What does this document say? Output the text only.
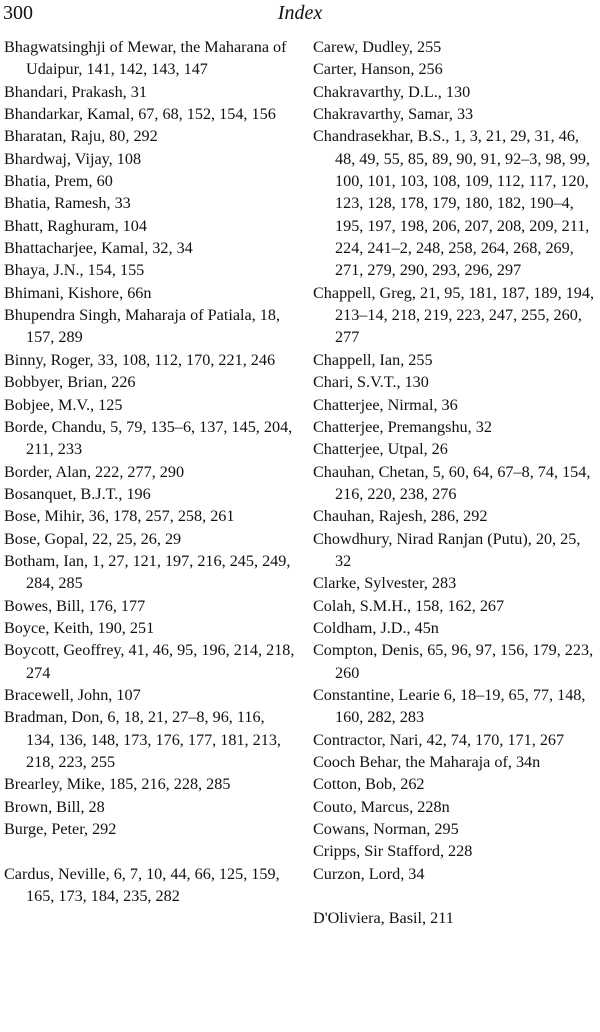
300	Index
Bhagwatsinghji of Mewar, the Maharana of Udaipur, 141, 142, 143, 147
Bhandari, Prakash, 31
Bhandarkar, Kamal, 67, 68, 152, 154, 156
Bharatan, Raju, 80, 292
Bhardwaj, Vijay, 108
Bhatia, Prem, 60
Bhatia, Ramesh, 33
Bhatt, Raghuram, 104
Bhattacharjee, Kamal, 32, 34
Bhaya, J.N., 154, 155
Bhimani, Kishore, 66n
Bhupendra Singh, Maharaja of Patiala, 18, 157, 289
Binny, Roger, 33, 108, 112, 170, 221, 246
Bobbyer, Brian, 226
Bobjee, M.V., 125
Borde, Chandu, 5, 79, 135–6, 137, 145, 204, 211, 233
Border, Alan, 222, 277, 290
Bosanquet, B.J.T., 196
Bose, Mihir, 36, 178, 257, 258, 261
Bose, Gopal, 22, 25, 26, 29
Botham, Ian, 1, 27, 121, 197, 216, 245, 249, 284, 285
Bowes, Bill, 176, 177
Boyce, Keith, 190, 251
Boycott, Geoffrey, 41, 46, 95, 196, 214, 218, 274
Bracewell, John, 107
Bradman, Don, 6, 18, 21, 27–8, 96, 116, 134, 136, 148, 173, 176, 177, 181, 213, 218, 223, 255
Brearley, Mike, 185, 216, 228, 285
Brown, Bill, 28
Burge, Peter, 292
Cardus, Neville, 6, 7, 10, 44, 66, 125, 159, 165, 173, 184, 235, 282
Carew, Dudley, 255
Carter, Hanson, 256
Chakravarthy, D.L., 130
Chakravarthy, Samar, 33
Chandrasekhar, B.S., 1, 3, 21, 29, 31, 46, 48, 49, 55, 85, 89, 90, 91, 92–3, 98, 99, 100, 101, 103, 108, 109, 112, 117, 120, 123, 128, 178, 179, 180, 182, 190–4, 195, 197, 198, 206, 207, 208, 209, 211, 224, 241–2, 248, 258, 264, 268, 269, 271, 279, 290, 293, 296, 297
Chappell, Greg, 21, 95, 181, 187, 189, 194, 213–14, 218, 219, 223, 247, 255, 260, 277
Chappell, Ian, 255
Chari, S.V.T., 130
Chatterjee, Nirmal, 36
Chatterjee, Premangshu, 32
Chatterjee, Utpal, 26
Chauhan, Chetan, 5, 60, 64, 67–8, 74, 154, 216, 220, 238, 276
Chauhan, Rajesh, 286, 292
Chowdhury, Nirad Ranjan (Putu), 20, 25, 32
Clarke, Sylvester, 283
Colah, S.M.H., 158, 162, 267
Coldham, J.D., 45n
Compton, Denis, 65, 96, 97, 156, 179, 223, 260
Constantine, Learie 6, 18–19, 65, 77, 148, 160, 282, 283
Contractor, Nari, 42, 74, 170, 171, 267
Cooch Behar, the Maharaja of, 34n
Cotton, Bob, 262
Couto, Marcus, 228n
Cowans, Norman, 295
Cripps, Sir Stafford, 228
Curzon, Lord, 34
D'Oliviera, Basil, 211
